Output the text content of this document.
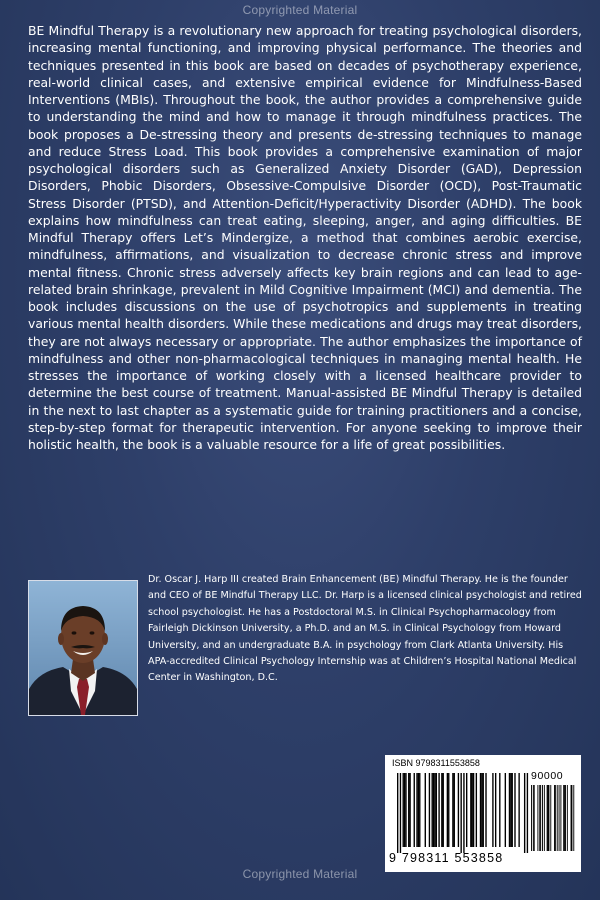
Copyrighted Material

BE Mindful Therapy is a revolutionary new approach for treating psychological disorders, increasing mental functioning, and improving physical performance. The theories and techniques presented in this book are based on decades of psychotherapy experience, real-world clinical cases, and extensive empirical evidence for Mindfulness-Based Interventions (MBIs). Throughout the book, the author provides a comprehensive guide to understanding the mind and how to manage it through mindfulness practices. The book proposes a De-stressing theory and presents de-stressing techniques to manage and reduce Stress Load. This book provides a comprehensive examination of major psychological disorders such as Generalized Anxiety Disorder (GAD), Depression Disorders, Phobic Disorders, Obsessive-Compulsive Disorder (OCD), Post-Traumatic Stress Disorder (PTSD), and Attention-Deficit/Hyperactivity Disorder (ADHD). The book explains how mindfulness can treat eating, sleeping, anger, and aging difficulties. BE Mindful Therapy offers Let’s Mindergize, a method that combines aerobic exercise, mindfulness, affirmations, and visualization to decrease chronic stress and improve mental fitness. Chronic stress adversely affects key brain regions and can lead to age-related brain shrinkage, prevalent in Mild Cognitive Impairment (MCI) and dementia. The book includes discussions on the use of psychotropics and supplements in treating various mental health disorders. While these medications and drugs may treat disorders, they are not always necessary or appropriate. The author emphasizes the importance of mindfulness and other non-pharmacological techniques in managing mental health. He stresses the importance of working closely with a licensed healthcare provider to determine the best course of treatment. Manual-assisted BE Mindful Therapy is detailed in the next to last chapter as a systematic guide for training practitioners and a concise, step-by-step format for therapeutic intervention. For anyone seeking to improve their holistic health, the book is a valuable resource for a life of great possibilities.

Dr. Oscar J. Harp III created Brain Enhancement (BE) Mindful Therapy. He is the founder and CEO of BE Mindful Therapy LLC. Dr. Harp is a licensed clinical psychologist and retired school psychologist. He has a Postdoctoral M.S. in Clinical Psychopharmacology from Fairleigh Dickinson University, a Ph.D. and an M.S. in Clinical Psychology from Howard University, and an undergraduate B.A. in psychology from Clark Atlanta University. His APA-accredited Clinical Psychology Internship was at Children’s Hospital National Medical Center in Washington, D.C.

ISBN 9798311553858
90000
9 798311 553858
Copyrighted Material
